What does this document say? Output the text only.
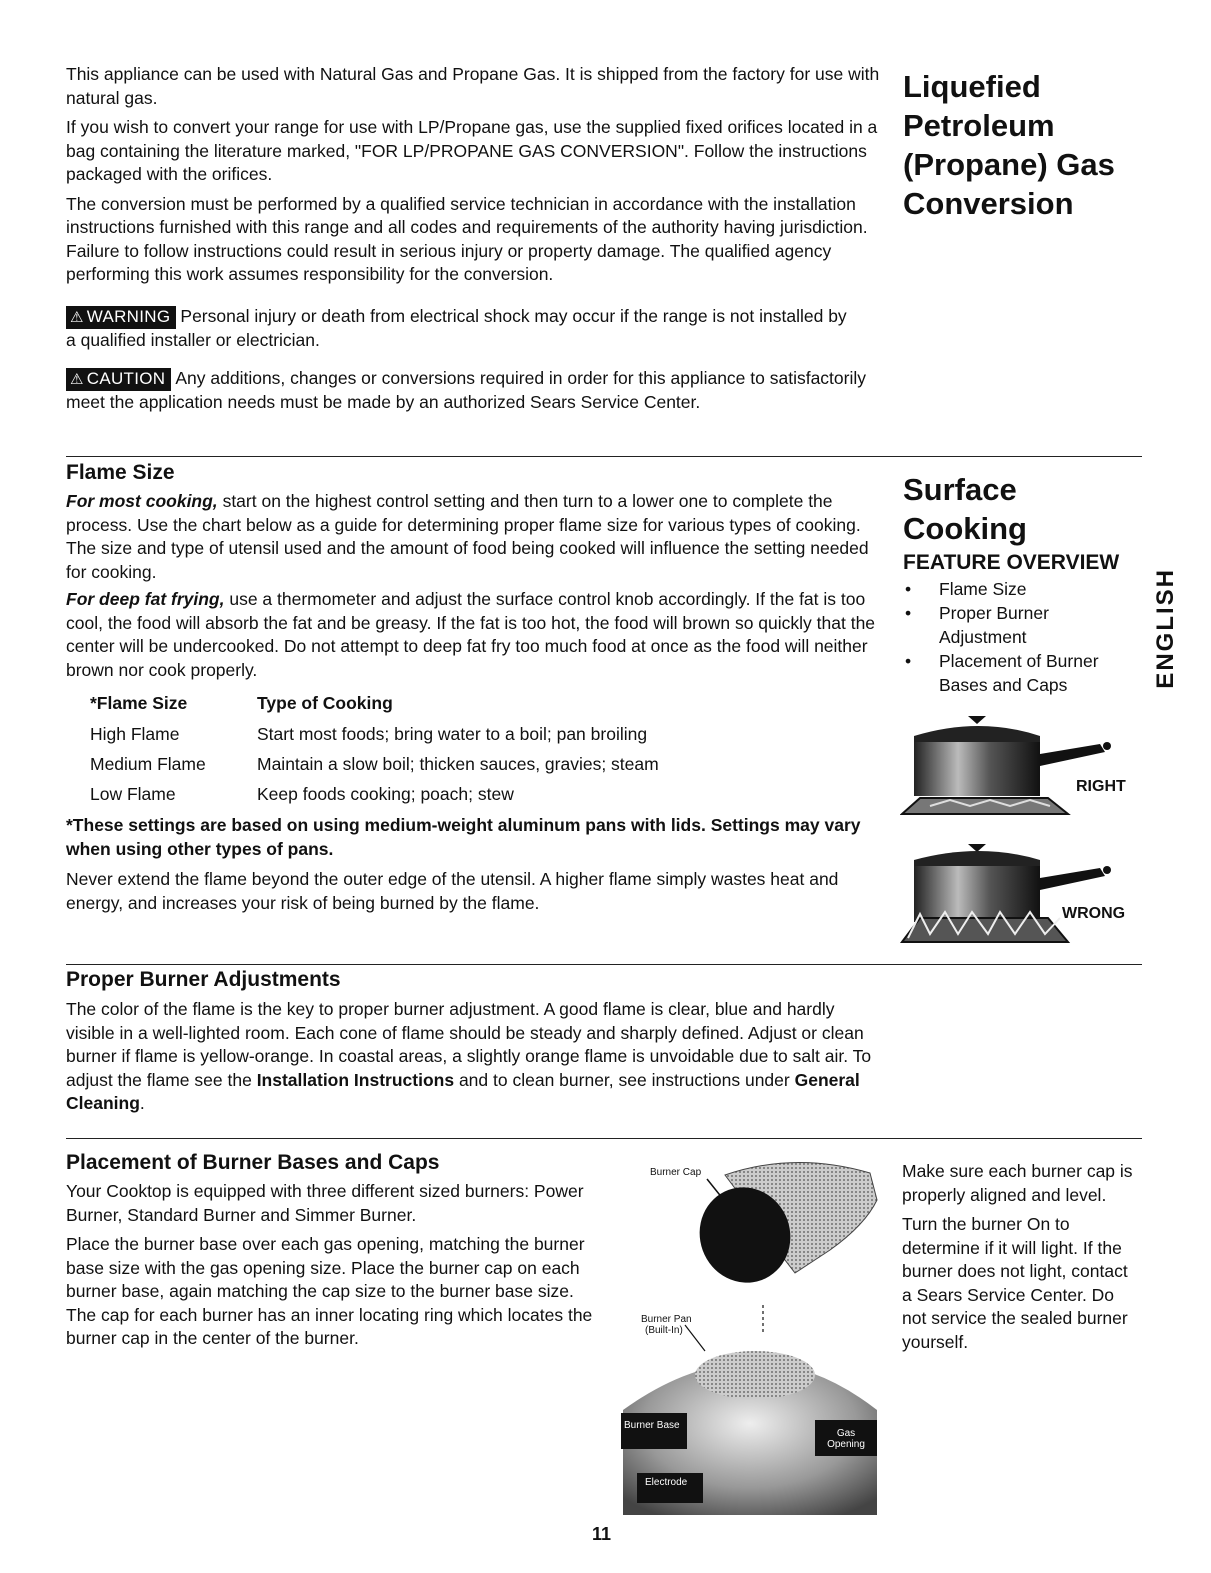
This appliance can be used with Natural Gas and Propane Gas. It is shipped from the factory for use with natural gas.

If you wish to convert your range for use with LP/Propane gas, use the supplied fixed orifices located in a bag containing the literature marked, "FOR LP/PROPANE GAS CONVERSION". Follow the instructions packaged with the orifices.

The conversion must be performed by a qualified service technician in accordance with the installation instructions furnished with this range and all codes and requirements of the authority having jurisdiction. Failure to follow instructions could result in serious injury or property damage. The qualified agency performing this work assumes responsibility for the conversion.

Liquefied
Petroleum
(Propane) Gas
Conversion
⚠ WARNING Personal injury or death from electrical shock may occur if the range is not installed by a qualified installer or electrician.
⚠ CAUTION Any additions, changes or conversions required in order for this appliance to satisfactorily meet the application needs must be made by an authorized Sears Service Center.
Flame Size

For most cooking, start on the highest control setting and then turn to a lower one to complete the process. Use the chart below as a guide for determining proper flame size for various types of cooking. The size and type of utensil used and the amount of food being cooked will influence the setting needed for cooking.

For deep fat frying, use a thermometer and adjust the surface control knob accordingly. If the fat is too cool, the food will absorb the fat and be greasy. If the fat is too hot, the food will brown so quickly that the center will be undercooked. Do not attempt to deep fat fry too much food at once as the food will neither brown nor cook properly.

*Flame Size	Type of Cooking
High Flame	Start most foods; bring water to a boil; pan broiling
Medium Flame	Maintain a slow boil; thicken sauces, gravies; steam
Low Flame	Keep foods cooking; poach; stew
*These settings are based on using medium-weight aluminum pans with lids. Settings may vary when using other types of pans.
Never extend the flame beyond the outer edge of the utensil. A higher flame simply wastes heat and energy, and increases your risk of being burned by the flame.
Surface
Cooking
FEATURE OVERVIEW
• Flame Size
• Proper Burner Adjustment
• Placement of Burner Bases and Caps	ENGLISH
RIGHT
WRONG
Proper Burner Adjustments
The color of the flame is the key to proper burner adjustment. A good flame is clear, blue and hardly visible in a well-lighted room. Each cone of flame should be steady and sharply defined. Adjust or clean burner if flame is yellow-orange. In coastal areas, a slightly orange flame is unvoidable due to salt air. To adjust the flame see the Installation Instructions and to clean burner, see instructions under General Cleaning.
Placement of Burner Bases and Caps

Your Cooktop is equipped with three different sized burners: Power Burner, Standard Burner and Simmer Burner.

Place the burner base over each gas opening, matching the burner base size with the gas opening size. Place the burner cap on each burner base, again matching the cap size to the burner base size. The cap for each burner has an inner locating ring which locates the burner cap in the center of the burner.

Burner Cap
Burner Pan
(Built-In)
Burner Base
Gas Opening
Electrode

Make sure each burner cap is properly aligned and level.

Turn the burner On to determine if it will light. If the burner does not light, contact a Sears Service Center. Do not service the sealed burner yourself.

11
